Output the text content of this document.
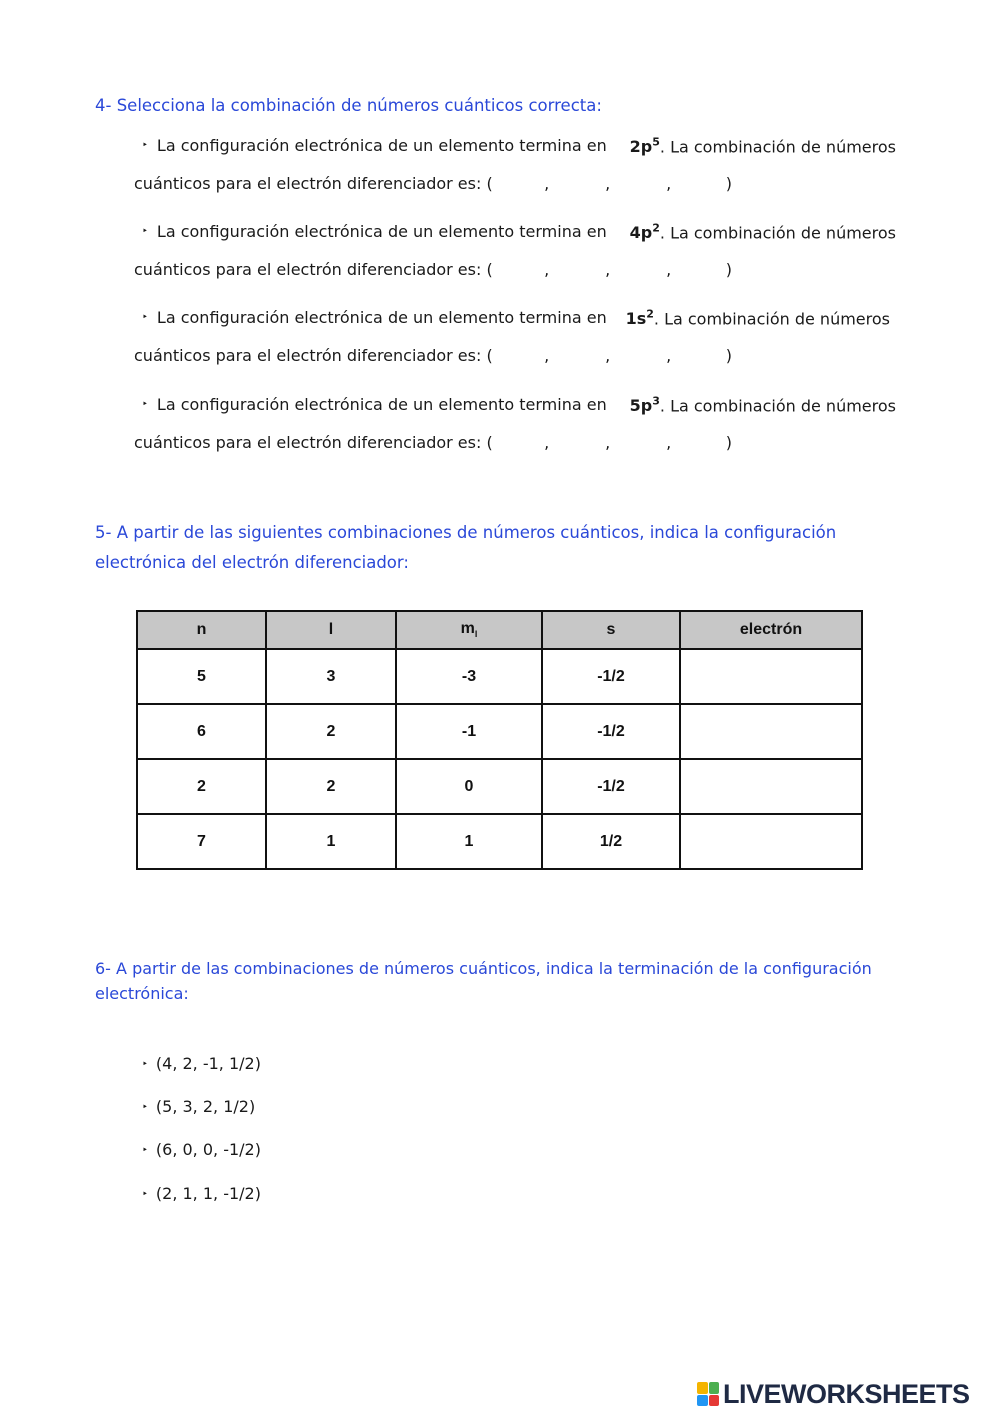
4- Selecciona la combinación de números cuánticos correcta:
‣ La configuración electrónica de un elemento termina en $2p^5$. La combinación de números
cuánticos para el electrón diferenciador es: (	,	,	,	)
‣ La configuración electrónica de un elemento termina en $4p^2$. La combinación de números
cuánticos para el electrón diferenciador es: (	,	,	,	)
‣ La configuración electrónica de un elemento termina en $1s^2$. La combinación de números
cuánticos para el electrón diferenciador es: (	,	,	,	)
‣ La configuración electrónica de un elemento termina en $5p^3$. La combinación de números
cuánticos para el electrón diferenciador es: (	,	,	,	)
5- A partir de las siguientes combinaciones de números cuánticos, indica la configuración
electrónica del electrón diferenciador:
n	l	$m_l$	s	electrón
5	3	-3	-1/2	
6	2	-1	-1/2	
2	2	0	-1/2	
7	1	1	1/2	
6- A partir de las combinaciones de números cuánticos, indica la terminación de la configuración
electrónica:
‣ (4, 2, -1, 1/2)
‣ (5, 3, 2, 1/2)
‣ (6, 0, 0, -1/2)
‣ (2, 1, 1, -1/2)
LIVEWORKSHEETS
